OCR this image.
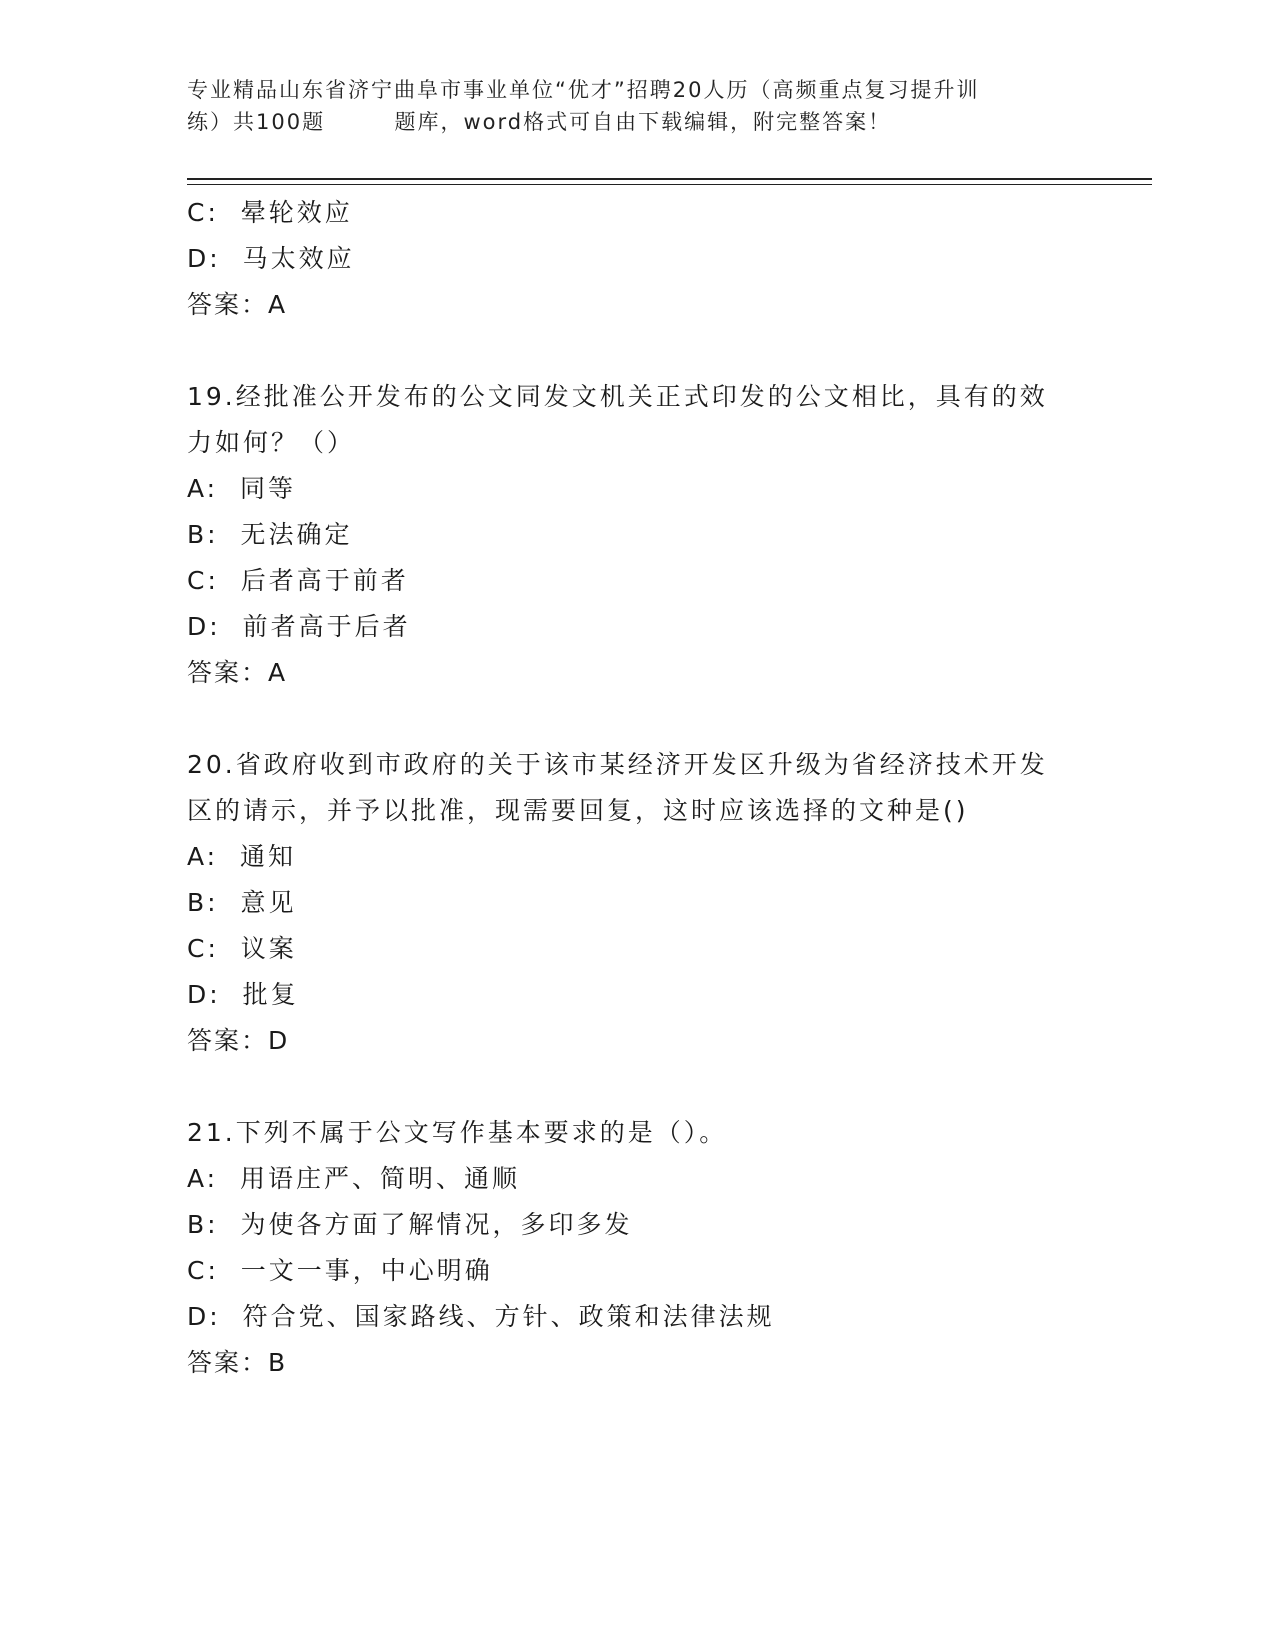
专业精品山东省济宁曲阜市事业单位“优才”招聘20人历（高频重点复习提升训
练）共100题        题库，word格式可自由下载编辑，附完整答案！
C:  晕轮效应
D:  马太效应
答案：A
19.经批准公开发布的公文同发文机关正式印发的公文相比，具有的效
力如何？（）
A:  同等
B:  无法确定
C:  后者高于前者
D:  前者高于后者
答案：A
20.省政府收到市政府的关于该市某经济开发区升级为省经济技术开发
区的请示，并予以批准，现需要回复，这时应该选择的文种是()
A:  通知
B:  意见
C:  议案
D:  批复
答案：D
21.下列不属于公文写作基本要求的是（）。
A:  用语庄严、简明、通顺
B:  为使各方面了解情况，多印多发
C:  一文一事，中心明确
D:  符合党、国家路线、方针、政策和法律法规
答案：B
